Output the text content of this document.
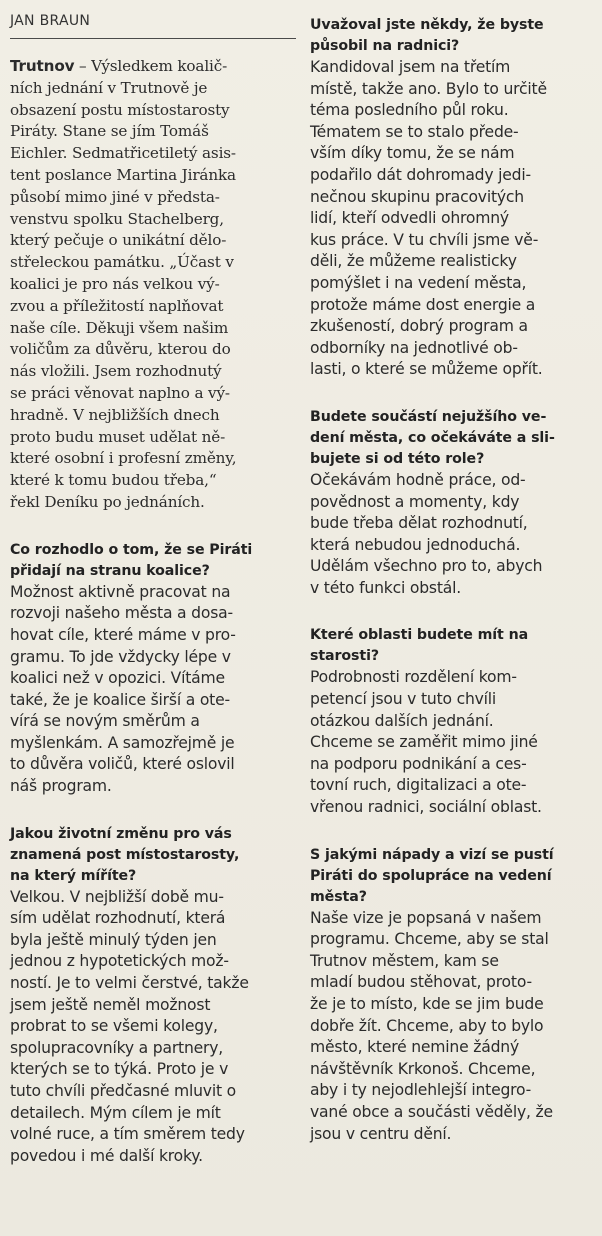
JAN BRAUN

Trutnov – Výsledkem koalič-
ních jednání v Trutnově je
obsazení postu místostarosty
Piráty. Stane se jím Tomáš
Eichler. Sedmatřicetiletý asis-
tent poslance Martina Jiránka
působí mimo jiné v předsta-
venstvu spolku Stachelberg,
který pečuje o unikátní dělo-
střeleckou památku. „Účast v
koalici je pro nás velkou vý-
zvou a příležitostí naplňovat
naše cíle. Děkuji všem našim
voličům za důvěru, kterou do
nás vložili. Jsem rozhodnutý
se práci věnovat naplno a vý-
hradně. V nejbližších dnech
proto budu muset udělat ně-
které osobní i profesní změny,
které k tomu budou třeba,“
řekl Deníku po jednáních.

Co rozhodlo o tom, že se Piráti
přidají na stranu koalice?

Možnost aktivně pracovat na
rozvoji našeho města a dosa-
hovat cíle, které máme v pro-
gramu. To jde vždycky lépe v
koalici než v opozici. Vítáme
také, že je koalice širší a ote-
vírá se novým směrům a
myšlenkám. A samozřejmě je
to důvěra voličů, které oslovil
náš program.

Jakou životní změnu pro vás
znamená post místostarosty,
na který míříte?

Velkou. V nejbližší době mu-
sím udělat rozhodnutí, která
byla ještě minulý týden jen
jednou z hypotetických mož-
ností. Je to velmi čerstvé, takže
jsem ještě neměl možnost
probrat to se všemi kolegy,
spolupracovníky a partnery,
kterých se to týká. Proto je v
tuto chvíli předčasné mluvit o
detailech. Mým cílem je mít
volné ruce, a tím směrem tedy
povedou i mé další kroky.

Uvažoval jste někdy, že byste
působil na radnici?

Kandidoval jsem na třetím
místě, takže ano. Bylo to určitě
téma posledního půl roku.
Tématem se to stalo přede-
vším díky tomu, že se nám
podařilo dát dohromady jedi-
nečnou skupinu pracovitých
lidí, kteří odvedli ohromný
kus práce. V tu chvíli jsme vě-
děli, že můžeme realisticky
pomýšlet i na vedení města,
protože máme dost energie a
zkušeností, dobrý program a
odborníky na jednotlivé ob-
lasti, o které se můžeme opřít.

Budete součástí nejužšího ve-
dení města, co očekáváte a sli-
bujete si od této role?

Očekávám hodně práce, od-
povědnost a momenty, kdy
bude třeba dělat rozhodnutí,
která nebudou jednoduchá.
Udělám všechno pro to, abych
v této funkci obstál.

Které oblasti budete mít na
starosti?

Podrobnosti rozdělení kom-
petencí jsou v tuto chvíli
otázkou dalších jednání.
Chceme se zaměřit mimo jiné
na podporu podnikání a ces-
tovní ruch, digitalizaci a ote-
vřenou radnici, sociální oblast.

S jakými nápady a vizí se pustí
Piráti do spolupráce na vedení
města?

Naše vize je popsaná v našem
programu. Chceme, aby se stal
Trutnov městem, kam se
mladí budou stěhovat, proto-
že je to místo, kde se jim bude
dobře žít. Chceme, aby to bylo
město, které nemine žádný
návštěvník Krkonoš. Chceme,
aby i ty nejodlehlejší integro-
vané obce a součásti věděly, že
jsou v centru dění.
